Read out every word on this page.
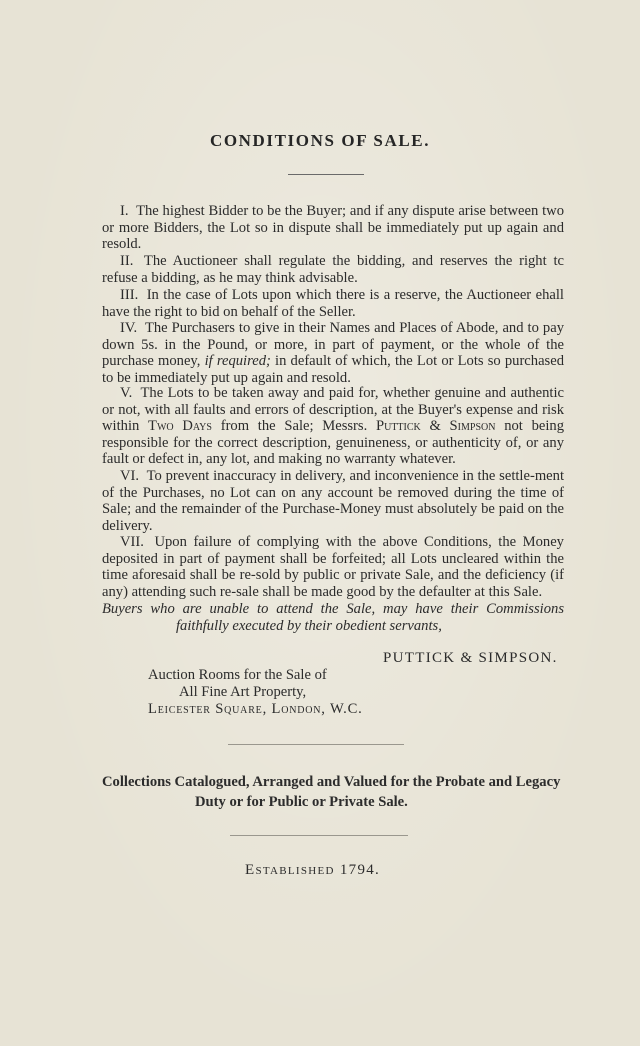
CONDITIONS OF SALE.

I. The highest Bidder to be the Buyer; and if any dispute arise between two or more Bidders, the Lot so in dispute shall be immediately put up again and resold.

II. The Auctioneer shall regulate the bidding, and reserves the right tc refuse a bidding, as he may think advisable.

III. In the case of Lots upon which there is a reserve, the Auctioneer ehall have the right to bid on behalf of the Seller.

IV. The Purchasers to give in their Names and Places of Abode, and to pay down 5s. in the Pound, or more, in part of payment, or the whole of the purchase money, if required; in default of which, the Lot or Lots so purchased to be immediately put up again and resold.

V. The Lots to be taken away and paid for, whether genuine and authentic or not, with all faults and errors of description, at the Buyer's expense and risk within Two Days from the Sale; Messrs. Puttick & Simpson not being responsible for the correct description, genuineness, or authenticity of, or any fault or defect in, any lot, and making no warranty whatever.

VI. To prevent inaccuracy in delivery, and inconvenience in the settle-ment of the Purchases, no Lot can on any account be removed during the time of Sale; and the remainder of the Purchase-Money must absolutely be paid on the delivery.

VII. Upon failure of complying with the above Conditions, the Money deposited in part of payment shall be forfeited; all Lots uncleared within the time aforesaid shall be re-sold by public or private Sale, and the deficiency (if any) attending such re-sale shall be made good by the defaulter at this Sale.

Buyers who are unable to attend the Sale, may have their Commissions
faithfully executed by their obedient servants,
PUTTICK & SIMPSON.
Auction Rooms for the Sale of
All Fine Art Property,
Leicester Square, London, W.C.
Collections Catalogued, Arranged and Valued for the Probate and Legacy
Duty or for Public or Private Sale.
Established 1794.
